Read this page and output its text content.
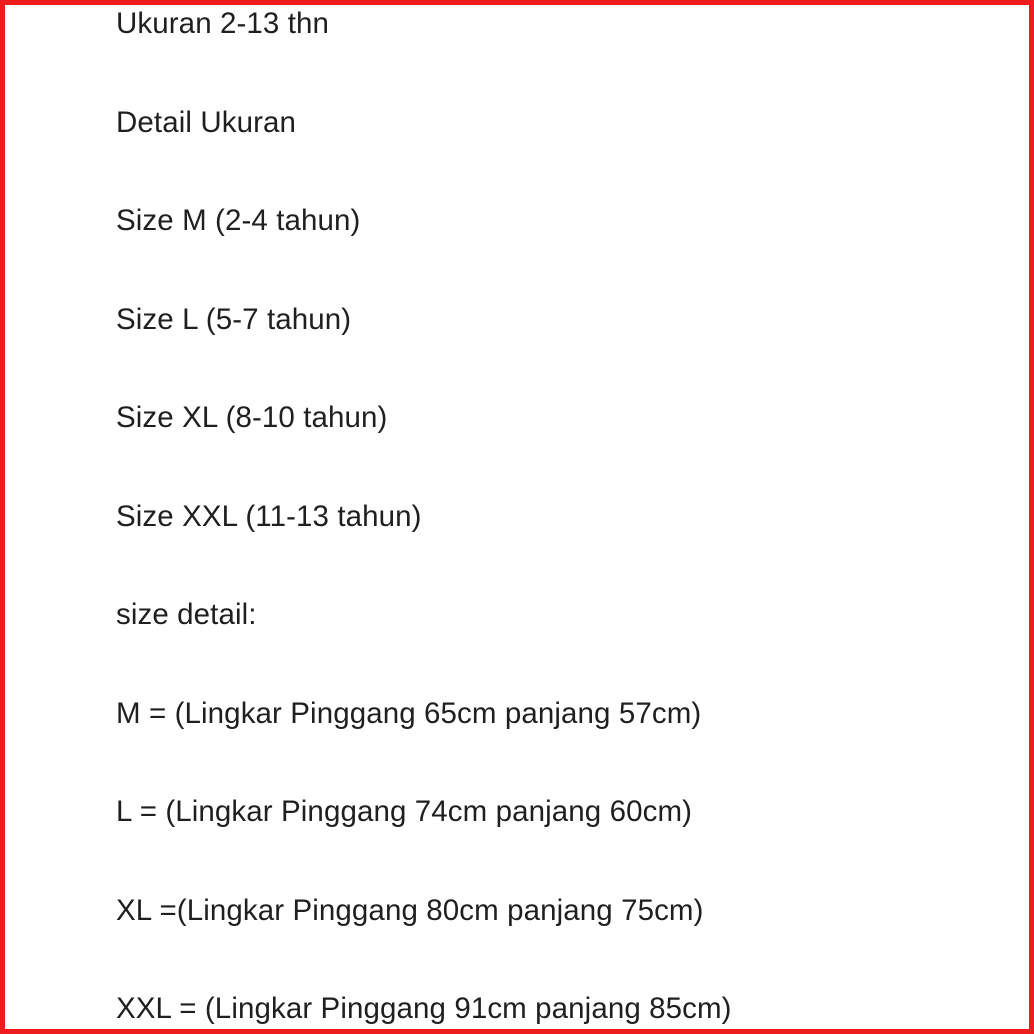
Ukuran 2-13 thn

Detail Ukuran

Size M (2-4 tahun)

Size L (5-7 tahun)

Size XL (8-10 tahun)

Size XXL (11-13 tahun)

size detail:

M = (Lingkar Pinggang 65cm panjang 57cm)

L = (Lingkar Pinggang 74cm panjang 60cm)

XL =(Lingkar Pinggang 80cm panjang 75cm)

XXL = (Lingkar Pinggang 91cm panjang 85cm)
